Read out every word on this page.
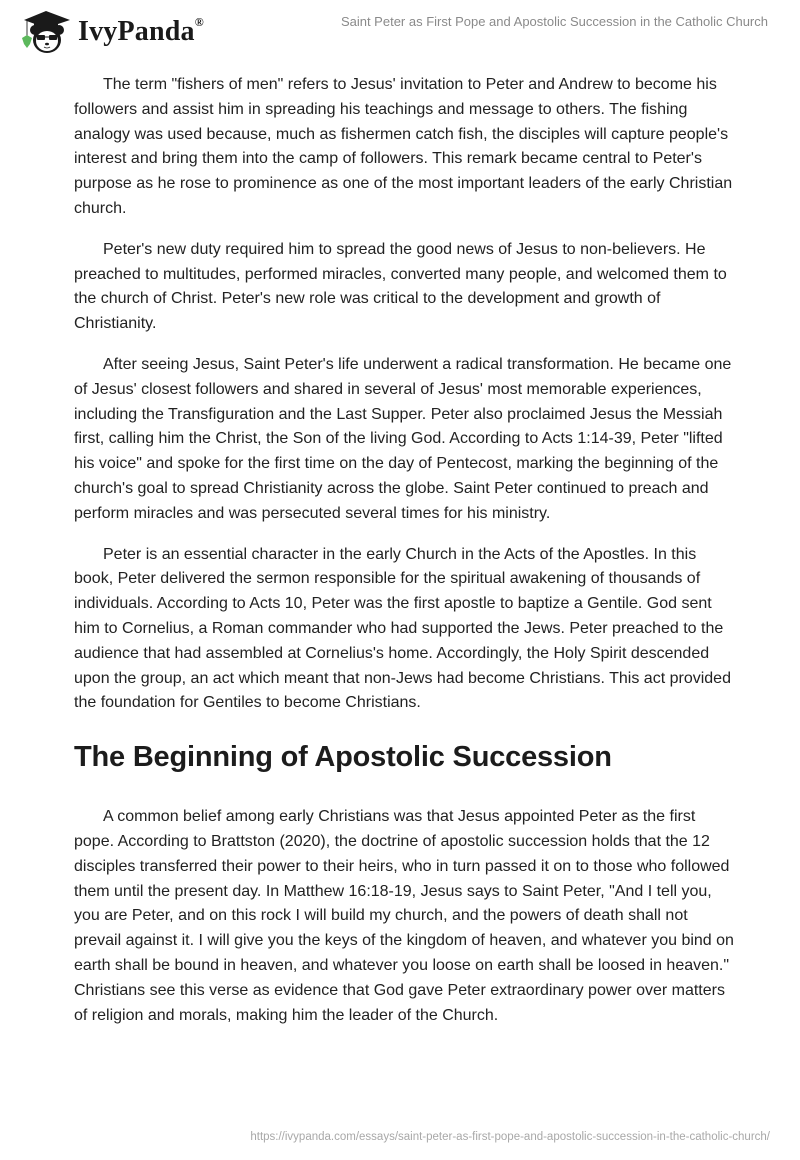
IvyPanda®	Saint Peter as First Pope and Apostolic Succession in the Catholic Church

The term "fishers of men" refers to Jesus' invitation to Peter and Andrew to become his followers and assist him in spreading his teachings and message to others. The fishing analogy was used because, much as fishermen catch fish, the disciples will capture people's interest and bring them into the camp of followers. This remark became central to Peter's purpose as he rose to prominence as one of the most important leaders of the early Christian church.

Peter's new duty required him to spread the good news of Jesus to non-believers. He preached to multitudes, performed miracles, converted many people, and welcomed them to the church of Christ. Peter's new role was critical to the development and growth of Christianity.

After seeing Jesus, Saint Peter's life underwent a radical transformation. He became one of Jesus' closest followers and shared in several of Jesus' most memorable experiences, including the Transfiguration and the Last Supper. Peter also proclaimed Jesus the Messiah first, calling him the Christ, the Son of the living God. According to Acts 1:14-39, Peter "lifted his voice" and spoke for the first time on the day of Pentecost, marking the beginning of the church's goal to spread Christianity across the globe. Saint Peter continued to preach and perform miracles and was persecuted several times for his ministry.

Peter is an essential character in the early Church in the Acts of the Apostles. In this book, Peter delivered the sermon responsible for the spiritual awakening of thousands of individuals. According to Acts 10, Peter was the first apostle to baptize a Gentile. God sent him to Cornelius, a Roman commander who had supported the Jews. Peter preached to the audience that had assembled at Cornelius's home. Accordingly, the Holy Spirit descended upon the group, an act which meant that non-Jews had become Christians. This act provided the foundation for Gentiles to become Christians.

The Beginning of Apostolic Succession

A common belief among early Christians was that Jesus appointed Peter as the first pope. According to Brattston (2020), the doctrine of apostolic succession holds that the 12 disciples transferred their power to their heirs, who in turn passed it on to those who followed them until the present day. In Matthew 16:18-19, Jesus says to Saint Peter, "And I tell you, you are Peter, and on this rock I will build my church, and the powers of death shall not prevail against it. I will give you the keys of the kingdom of heaven, and whatever you bind on earth shall be bound in heaven, and whatever you loose on earth shall be loosed in heaven." Christians see this verse as evidence that God gave Peter extraordinary power over matters of religion and morals, making him the leader of the Church.

https://ivypanda.com/essays/saint-peter-as-first-pope-and-apostolic-succession-in-the-catholic-church/
